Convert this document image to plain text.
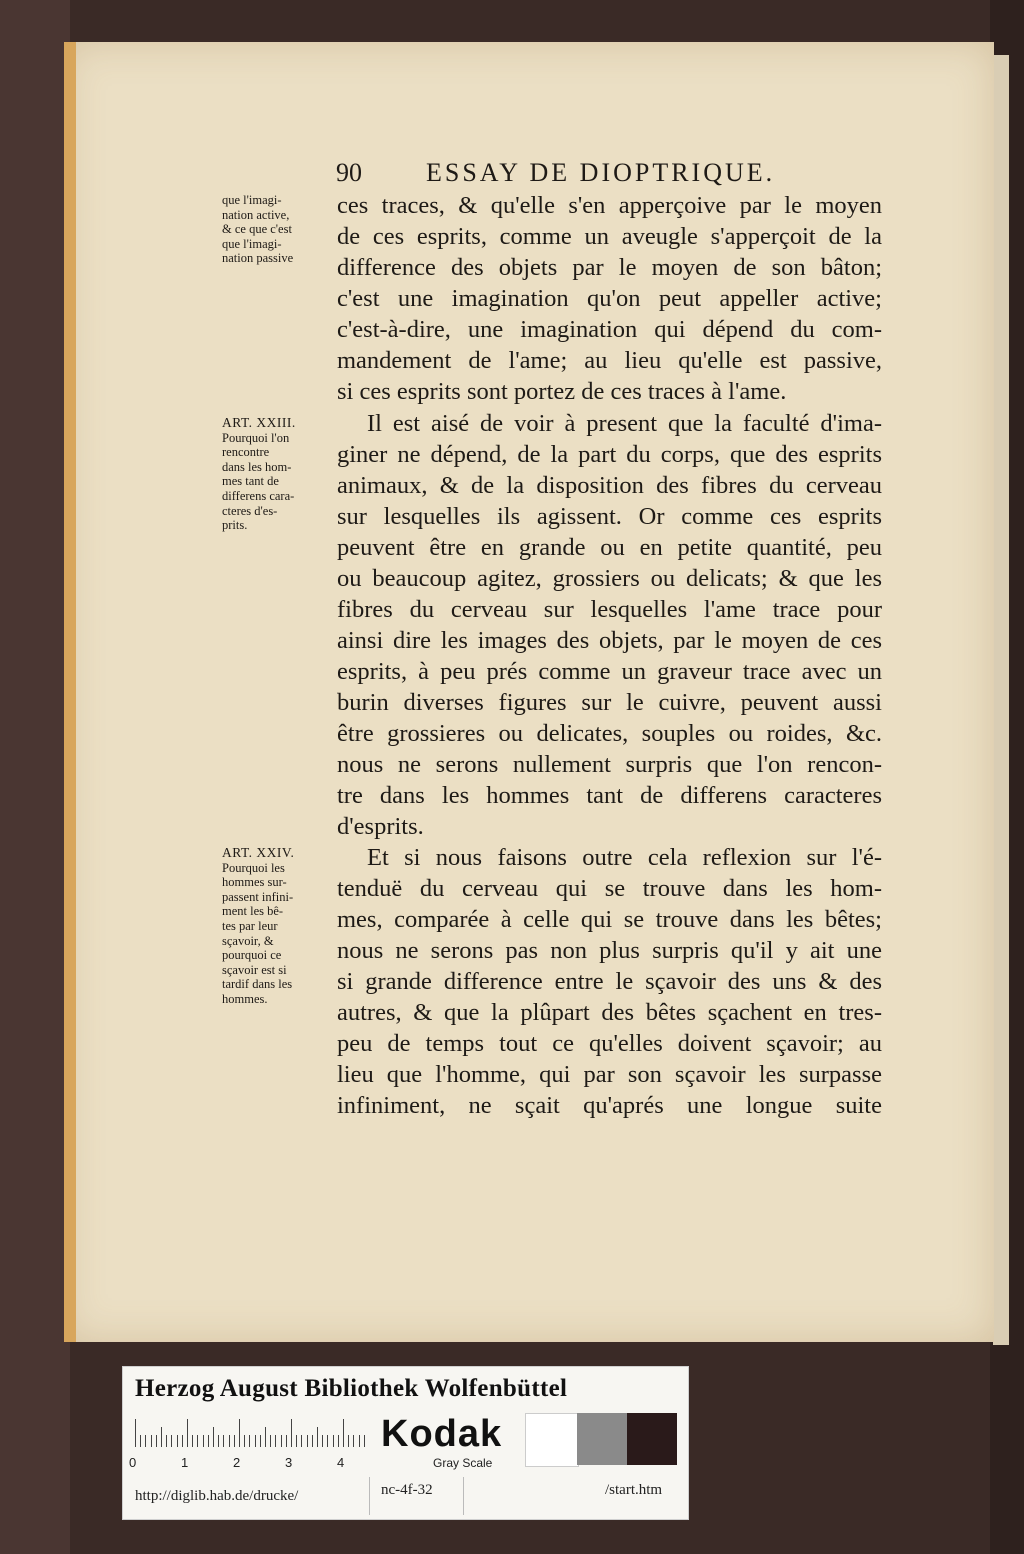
90 ESSAY DE DIOPTRIQUE.
que l'imagi-
nation active,
& ce que c'est
que l'imagi-
nation passive
ART. XXIII.
Pourquoi l'on
rencontre
dans les hom-
mes tant de
differens cara-
cteres d'es-
prits.
ART. XXIV.
Pourquoi les
hommes sur-
passent infini-
ment les bê-
tes par leur
sçavoir, &
pourquoi ce
sçavoir est si
tardif dans les
hommes.
ces traces, & qu'elle s'en apperçoive par le moyen
de ces esprits, comme un aveugle s'apperçoit de la
difference des objets par le moyen de son bâton;
c'est une imagination qu'on peut appeller active;
c'est-à-dire, une imagination qui dépend du com-
mandement de l'ame; au lieu qu'elle est passive,
si ces esprits sont portez de ces traces à l'ame.
Il est aisé de voir à present que la faculté d'ima-
giner ne dépend, de la part du corps, que des esprits
animaux, & de la disposition des fibres du cerveau
sur lesquelles ils agissent. Or comme ces esprits
peuvent être en grande ou en petite quantité, peu
ou beaucoup agitez, grossiers ou delicats; & que les
fibres du cerveau sur lesquelles l'ame trace pour
ainsi dire les images des objets, par le moyen de ces
esprits, à peu prés comme un graveur trace avec un
burin diverses figures sur le cuivre, peuvent aussi
être grossieres ou delicates, souples ou roides, &c.
nous ne serons nullement surpris que l'on rencon-
tre dans les hommes tant de differens caracteres
d'esprits.
Et si nous faisons outre cela reflexion sur l'é-
tenduë du cerveau qui se trouve dans les hom-
mes, comparée à celle qui se trouve dans les bêtes;
nous ne serons pas non plus surpris qu'il y ait une
si grande difference entre le sçavoir des uns & des
autres, & que la plûpart des bêtes sçachent en tres-
peu de temps tout ce qu'elles doivent sçavoir; au
lieu que l'homme, qui par son sçavoir les surpasse
infiniment, ne sçait qu'aprés une longue suite
Herzog August Bibliothek Wolfenbüttel
0	1	2	3	4
Kodak
Gray Scale
http://diglib.hab.de/drucke/	nc-4f-32	/start.htm
